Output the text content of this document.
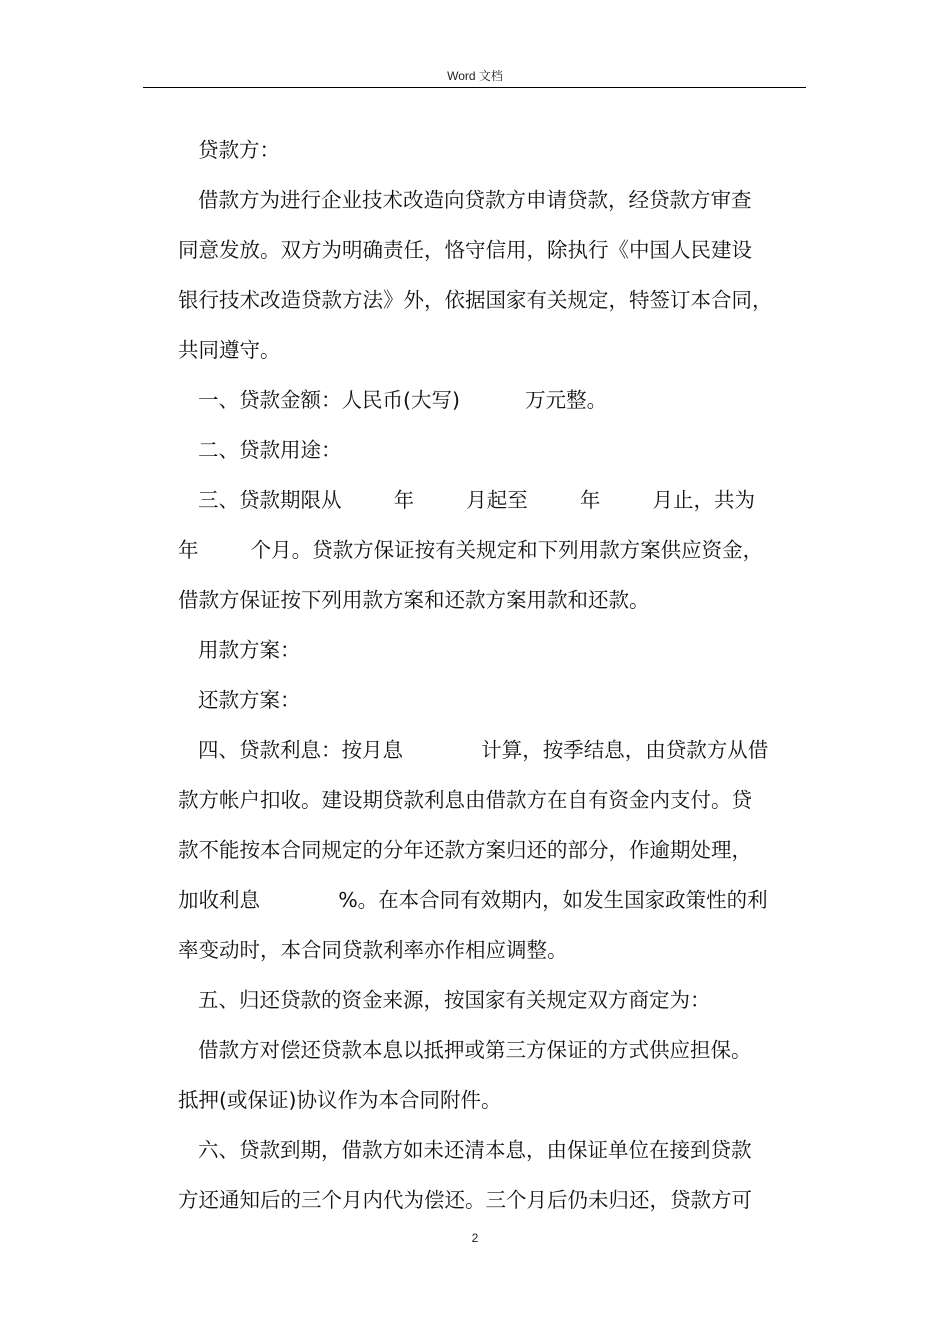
Word 文档
贷款方：
借款方为进行企业技术改造向贷款方申请贷款，经贷款方审查
同意发放。双方为明确责任，恪守信用，除执行《中国人民建设
银行技术改造贷款方法》外，依据国家有关规定，特签订本合同，
共同遵守。
一、贷款金额：人民币(大写)          万元整。
二、贷款用途：
三、贷款期限从        年        月起至        年        月止，共为
年        个月。贷款方保证按有关规定和下列用款方案供应资金，
借款方保证按下列用款方案和还款方案用款和还款。
用款方案：
还款方案：
四、贷款利息：按月息            计算，按季结息，由贷款方从借
款方帐户扣收。建设期贷款利息由借款方在自有资金内支付。贷
款不能按本合同规定的分年还款方案归还的部分，作逾期处理，
加收利息            %。在本合同有效期内，如发生国家政策性的利
率变动时，本合同贷款利率亦作相应调整。
五、归还贷款的资金来源，按国家有关规定双方商定为：
借款方对偿还贷款本息以抵押或第三方保证的方式供应担保。
抵押(或保证)协议作为本合同附件。
六、贷款到期，借款方如未还清本息，由保证单位在接到贷款
方还通知后的三个月内代为偿还。三个月后仍未归还，贷款方可
2
